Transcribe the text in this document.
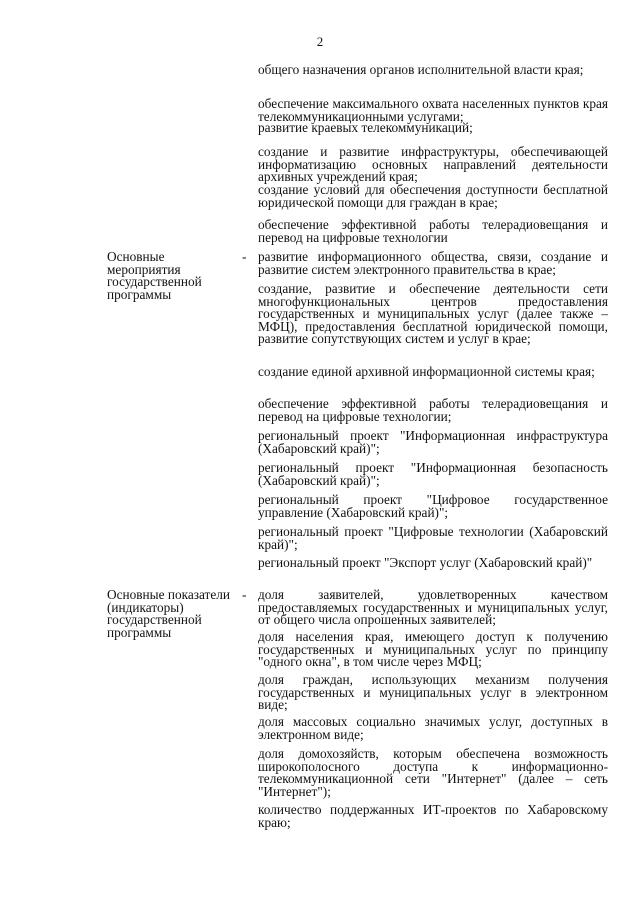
2

общего назначения органов исполнительной власти края;

обеспечение максимального охвата населенных пунктов края телекоммуникационными услугами;

развитие краевых телекоммуникаций;

создание и развитие инфраструктуры, обеспечивающей информатизацию основных направлений деятельности архивных учреждений края;

создание условий для обеспечения доступности бесплатной юридической помощи для граждан в крае;

обеспечение эффективной работы телерадиовещания и перевод на цифровые технологии

Основные мероприятия государственной программы
- развитие информационного общества, связи, создание и развитие систем электронного правительства в крае;

создание, развитие и обеспечение деятельности сети многофункциональных центров предоставления государственных и муниципальных услуг (далее также – МФЦ), предоставления бесплатной юридической помощи, развитие сопутствующих систем и услуг в крае;

создание единой архивной информационной системы края;

обеспечение эффективной работы телерадиовещания и перевод на цифровые технологии;

региональный проект "Информационная инфраструктура (Хабаровский край)";

региональный проект "Информационная безопасность (Хабаровский край)";

региональный проект "Цифровое государственное управление (Хабаровский край)";

региональный проект "Цифровые технологии (Хабаровский край)";

региональный проект "Экспорт услуг (Хабаровский край)"

Основные показатели (индикаторы) государственной программы
- доля заявителей, удовлетворенных качеством предоставляемых государственных и муниципальных услуг, от общего числа опрошенных заявителей;

доля населения края, имеющего доступ к получению государственных и муниципальных услуг по принципу "одного окна", в том числе через МФЦ;

доля граждан, использующих механизм получения государственных и муниципальных услуг в электронном виде;

доля массовых социально значимых услуг, доступных в электронном виде;

доля домохозяйств, которым обеспечена возможность широкополосного доступа к информационно-телекоммуникационной сети "Интернет" (далее – сеть "Интернет");

количество поддержанных ИТ-проектов по Хабаровскому краю;
